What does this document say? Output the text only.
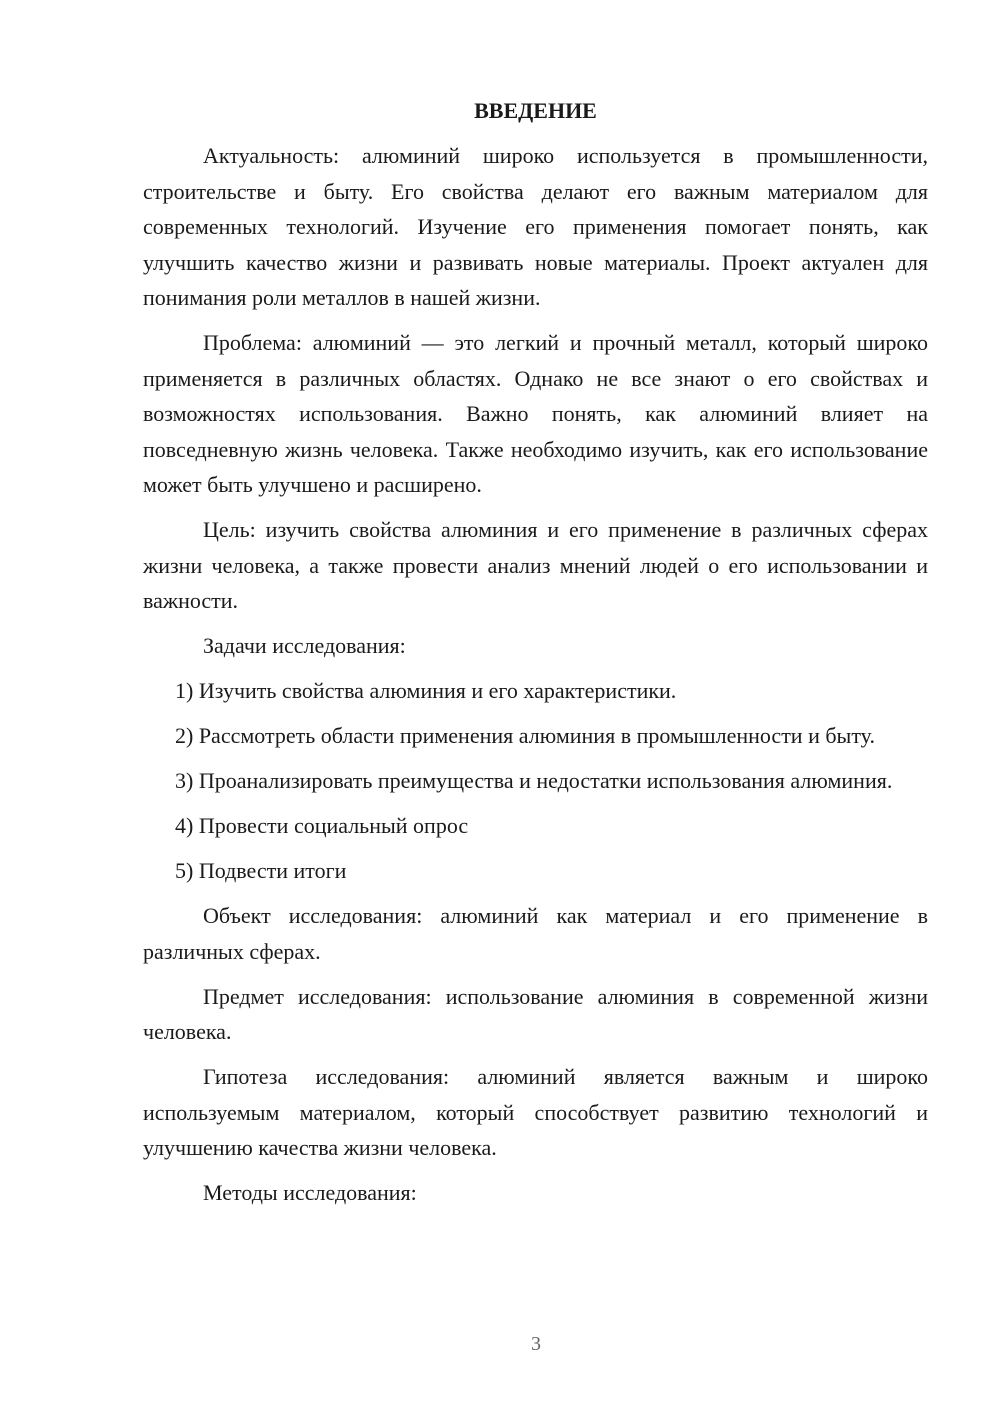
ВВЕДЕНИЕ

Актуальность: алюминий широко используется в промышленности, строительстве и быту. Его свойства делают его важным материалом для современных технологий. Изучение его применения помогает понять, как улучшить качество жизни и развивать новые материалы. Проект актуален для понимания роли металлов в нашей жизни.

Проблема: алюминий — это легкий и прочный металл, который широко применяется в различных областях. Однако не все знают о его свойствах и возможностях использования. Важно понять, как алюминий влияет на повседневную жизнь человека. Также необходимо изучить, как его использование может быть улучшено и расширено.

Цель: изучить свойства алюминия и его применение в различных сферах жизни человека, а также провести анализ мнений людей о его использовании и важности.

Задачи исследования:

1) Изучить свойства алюминия и его характеристики.

2) Рассмотреть области применения алюминия в промышленности и быту.

3) Проанализировать преимущества и недостатки использования алюминия.

4) Провести социальный опрос

5) Подвести итоги

Объект исследования: алюминий как материал и его применение в различных сферах.

Предмет исследования: использование алюминия в современной жизни человека.

Гипотеза исследования: алюминий является важным и широко используемым материалом, который способствует развитию технологий и улучшению качества жизни человека.

Методы исследования:

3
